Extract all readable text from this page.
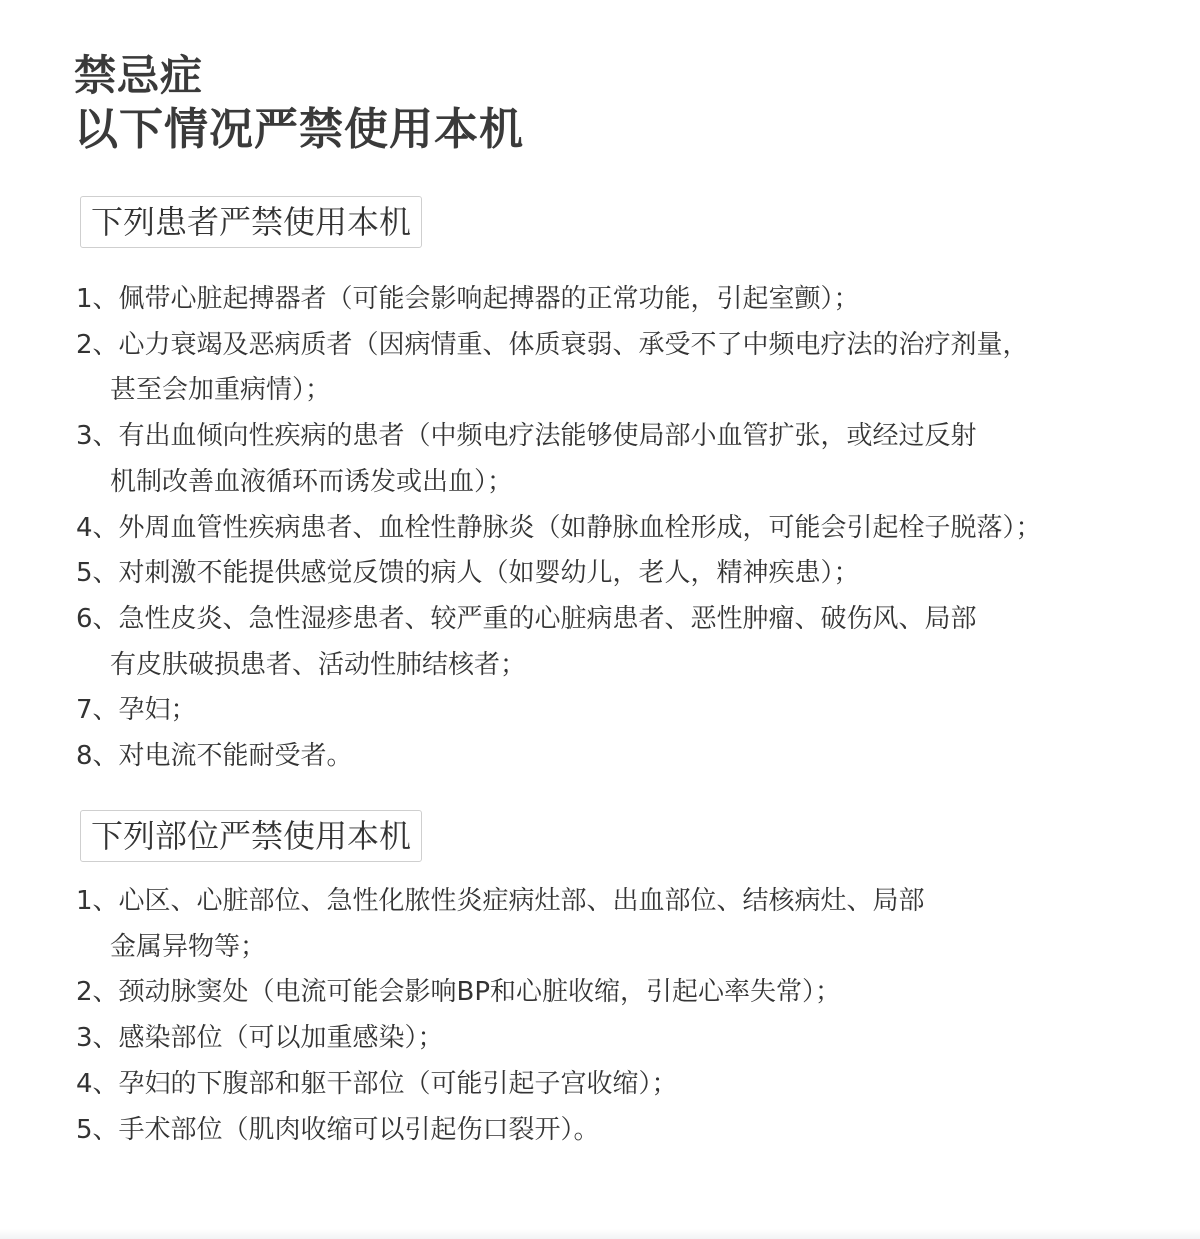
禁忌症
以下情况严禁使用本机
下列患者严禁使用本机
1、佩带心脏起搏器者（可能会影响起搏器的正常功能，引起室颤）；
2、心力衰竭及恶病质者（因病情重、体质衰弱、承受不了中频电疗法的治疗剂量，
甚至会加重病情）；
3、有出血倾向性疾病的患者（中频电疗法能够使局部小血管扩张，或经过反射
机制改善血液循环而诱发或出血）；
4、外周血管性疾病患者、血栓性静脉炎（如静脉血栓形成，可能会引起栓子脱落）；
5、对刺激不能提供感觉反馈的病人（如婴幼儿，老人，精神疾患）；
6、急性皮炎、急性湿疹患者、较严重的心脏病患者、恶性肿瘤、破伤风、局部
有皮肤破损患者、活动性肺结核者；
7、孕妇；
8、对电流不能耐受者。
下列部位严禁使用本机
1、心区、心脏部位、急性化脓性炎症病灶部、出血部位、结核病灶、局部
金属异物等；
2、颈动脉窦处（电流可能会影响BP和心脏收缩，引起心率失常）；
3、感染部位（可以加重感染）；
4、孕妇的下腹部和躯干部位（可能引起子宫收缩）；
5、手术部位（肌肉收缩可以引起伤口裂开）。
